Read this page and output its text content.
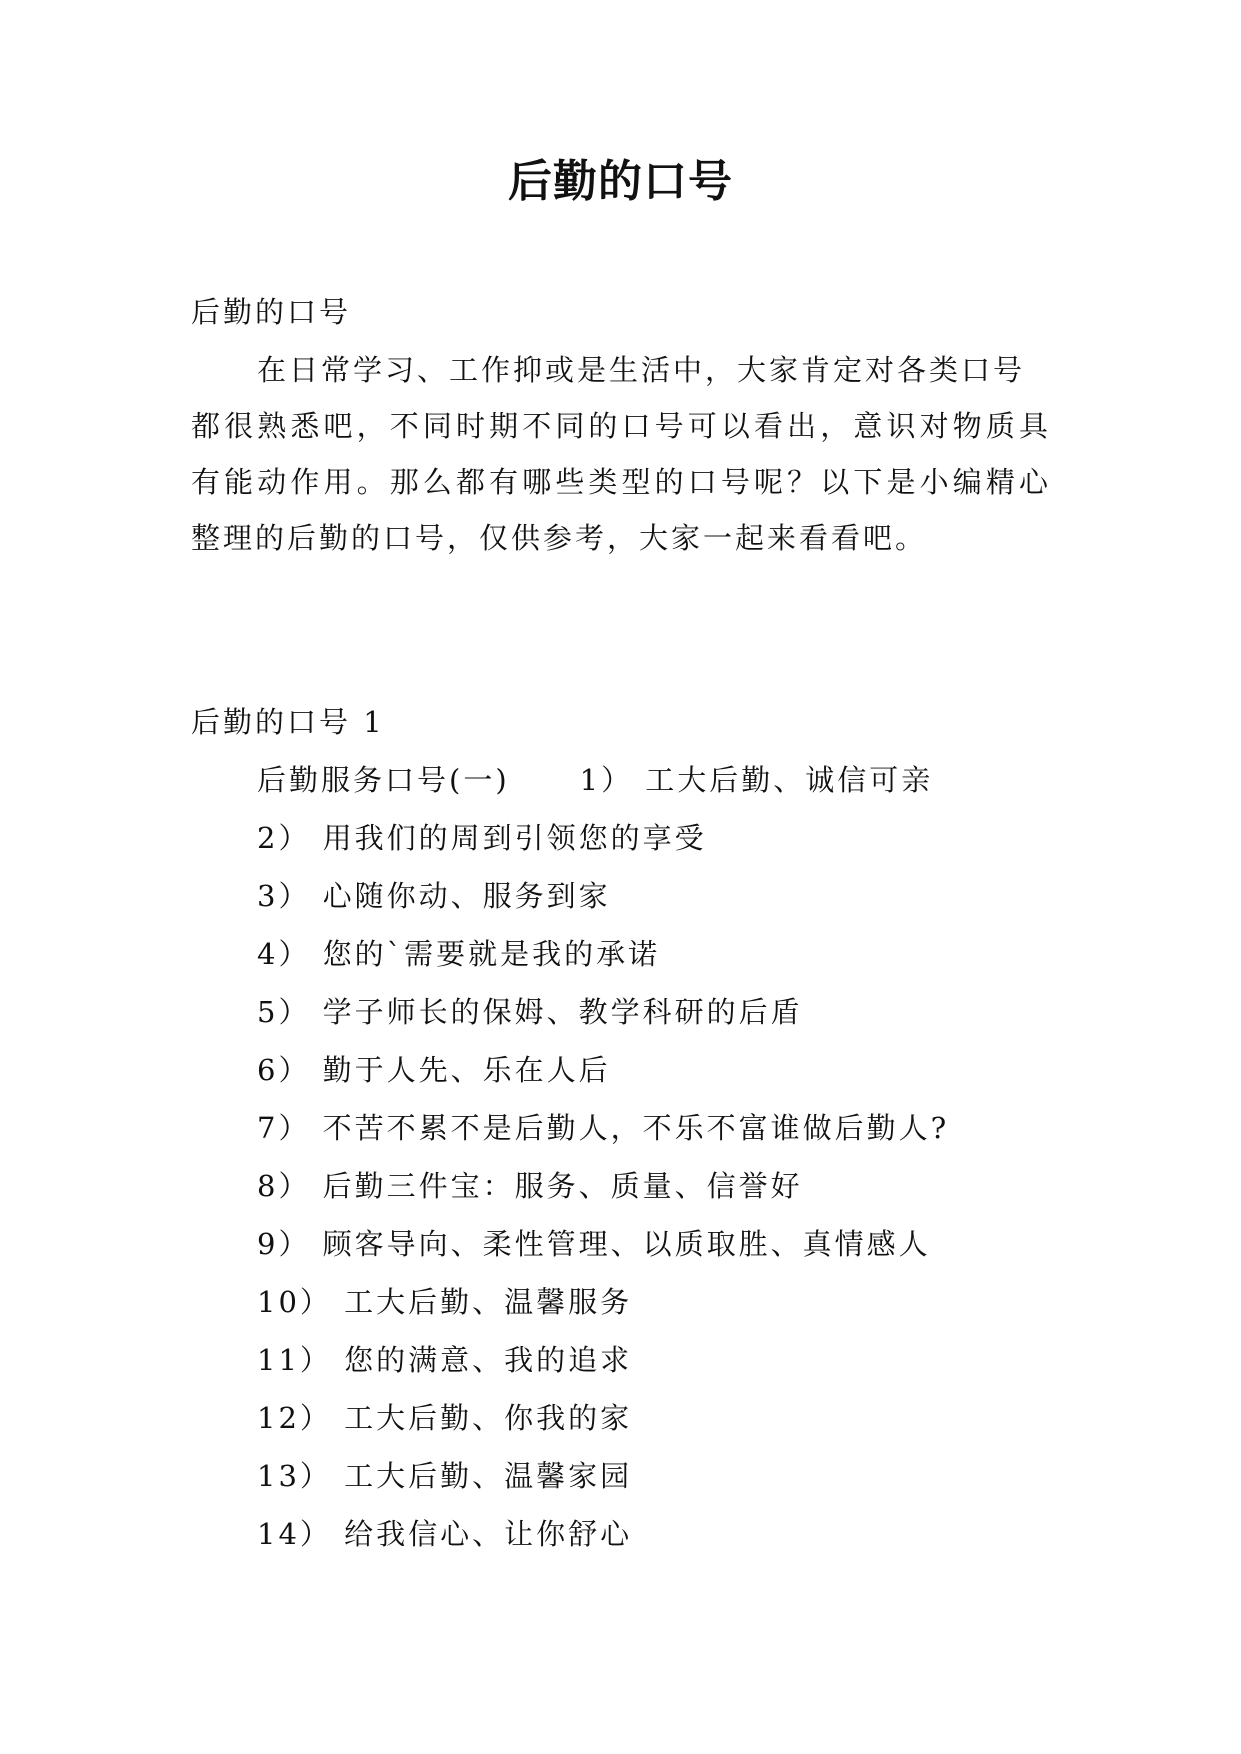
后勤的口号
后勤的口号
在日常学习、工作抑或是生活中，大家肯定对各类口号
都很熟悉吧，不同时期不同的口号可以看出，意识对物质具
有能动作用。那么都有哪些类型的口号呢？以下是小编精心
整理的后勤的口号，仅供参考，大家一起来看看吧。
后勤的口号 1
后勤服务口号(一) 1） 工大后勤、诚信可亲
2） 用我们的周到引领您的享受
3） 心随你动、服务到家
4） 您的`需要就是我的承诺
5） 学子师长的保姆、教学科研的后盾
6） 勤于人先、乐在人后
7） 不苦不累不是后勤人，不乐不富谁做后勤人?
8） 后勤三件宝：服务、质量、信誉好
9） 顾客导向、柔性管理、以质取胜、真情感人
10） 工大后勤、温馨服务
11） 您的满意、我的追求
12） 工大后勤、你我的家
13） 工大后勤、温馨家园
14） 给我信心、让你舒心
